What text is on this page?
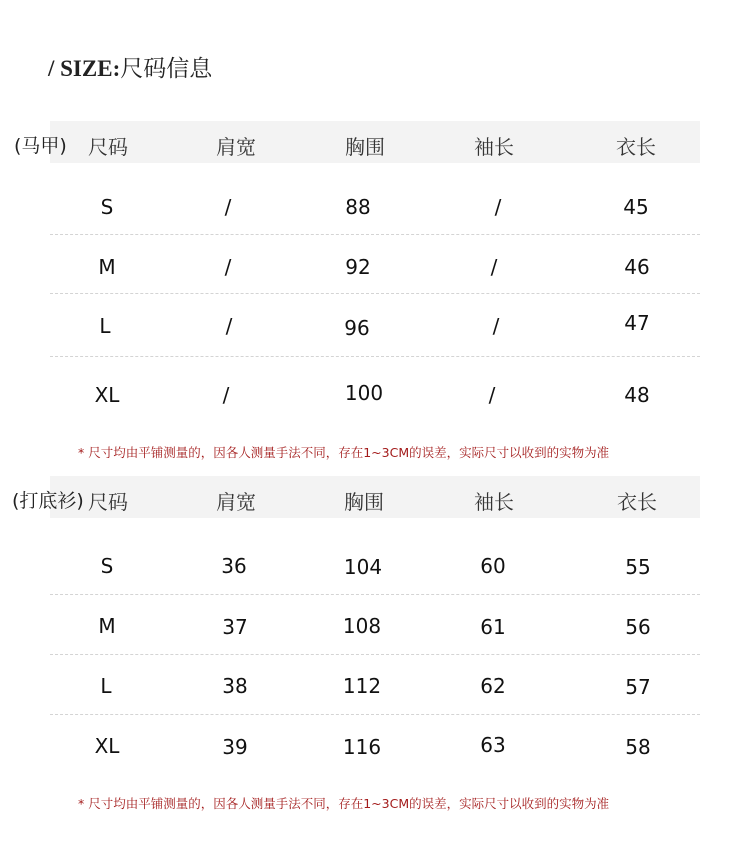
/ SIZE:尺码信息
(马甲) 尺码	肩宽	胸围	袖长	衣长
S	/	88	/	45
M	/	92	/	46
L	/	96	/	47
XL	/	100	/	48
* 尺寸均由平铺测量的，因各人测量手法不同，存在1~3CM的误差，实际尺寸以收到的实物为准
(打底衫) 尺码	肩宽	胸围	袖长	衣长
S	36	104	60	55
M	37	108	61	56
L	38	112	62	57
XL	39	116	63	58
* 尺寸均由平铺测量的，因各人测量手法不同，存在1~3CM的误差，实际尺寸以收到的实物为准
